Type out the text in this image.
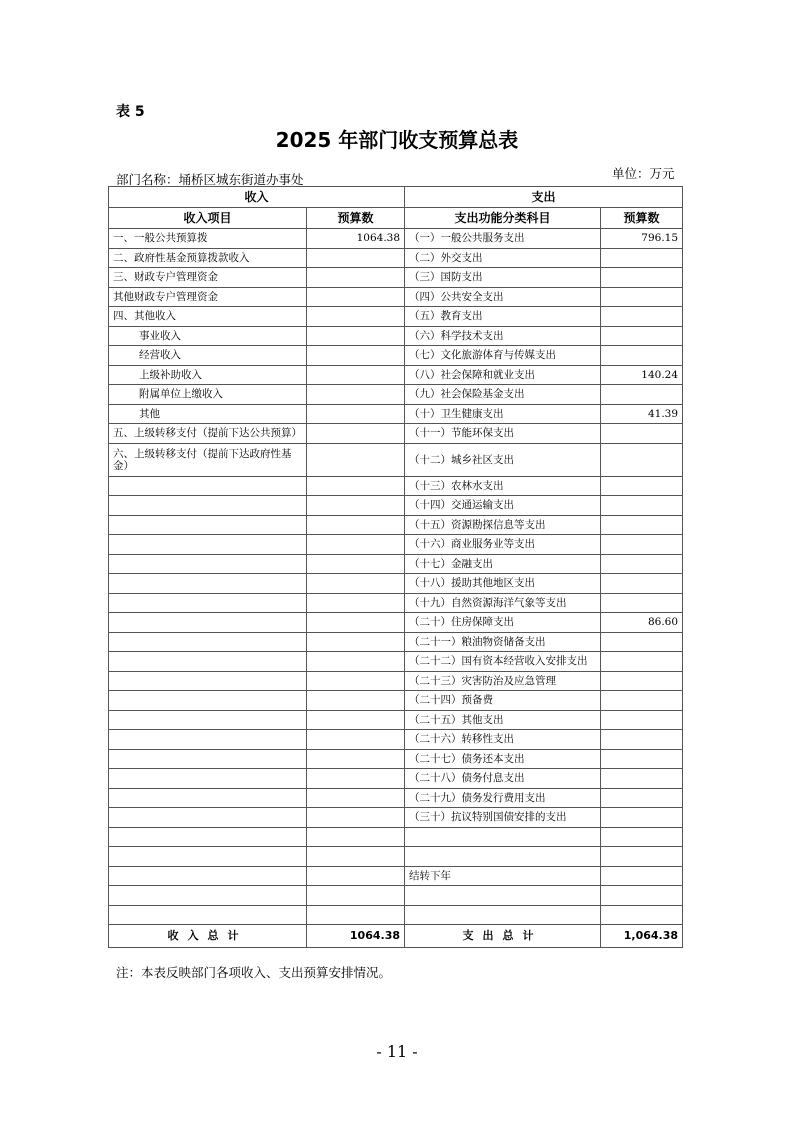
表 5
2025 年部门收支预算总表
部门名称：埇桥区城东街道办事处	单位：万元
收入		支出	
收入项目	预算数	支出功能分类科目	预算数
一、一般公共预算拨	1064.38	（一）一般公共服务支出	796.15
二、政府性基金预算拨款收入		（二）外交支出	
三、财政专户管理资金		（三）国防支出	
其他财政专户管理资金		（四）公共安全支出	
四、其他收入		（五）教育支出	
事业收入		（六）科学技术支出	
经营收入		（七）文化旅游体育与传媒支出	
上级补助收入		（八）社会保障和就业支出	140.24
附属单位上缴收入		（九）社会保险基金支出	
其他		（十）卫生健康支出	41.39
五、上级转移支付（提前下达公共预算）		（十一）节能环保支出	
六、上级转移支付（提前下达政府性基金）		（十二）城乡社区支出	
		（十三）农林水支出	
		（十四）交通运输支出	
		（十五）资源勘探信息等支出	
		（十六）商业服务业等支出	
		（十七）金融支出	
		（十八）援助其他地区支出	
		（十九）自然资源海洋气象等支出	
		（二十）住房保障支出	86.60
		（二十一）粮油物资储备支出	
		（二十二）国有资本经营收入安排支出	
		（二十三）灾害防治及应急管理	
		（二十四）预备费	
		（二十五）其他支出	
		（二十六）转移性支出	
		（二十七）债务还本支出	
		（二十八）债务付息支出	
		（二十九）债务发行费用支出	
		（三十）抗议特别国债安排的支出	

		结转下年	

收入总计	1064.38	支出总计	1,064.38
注：本表反映部门各项收入、支出预算安排情况。
- 11 -
